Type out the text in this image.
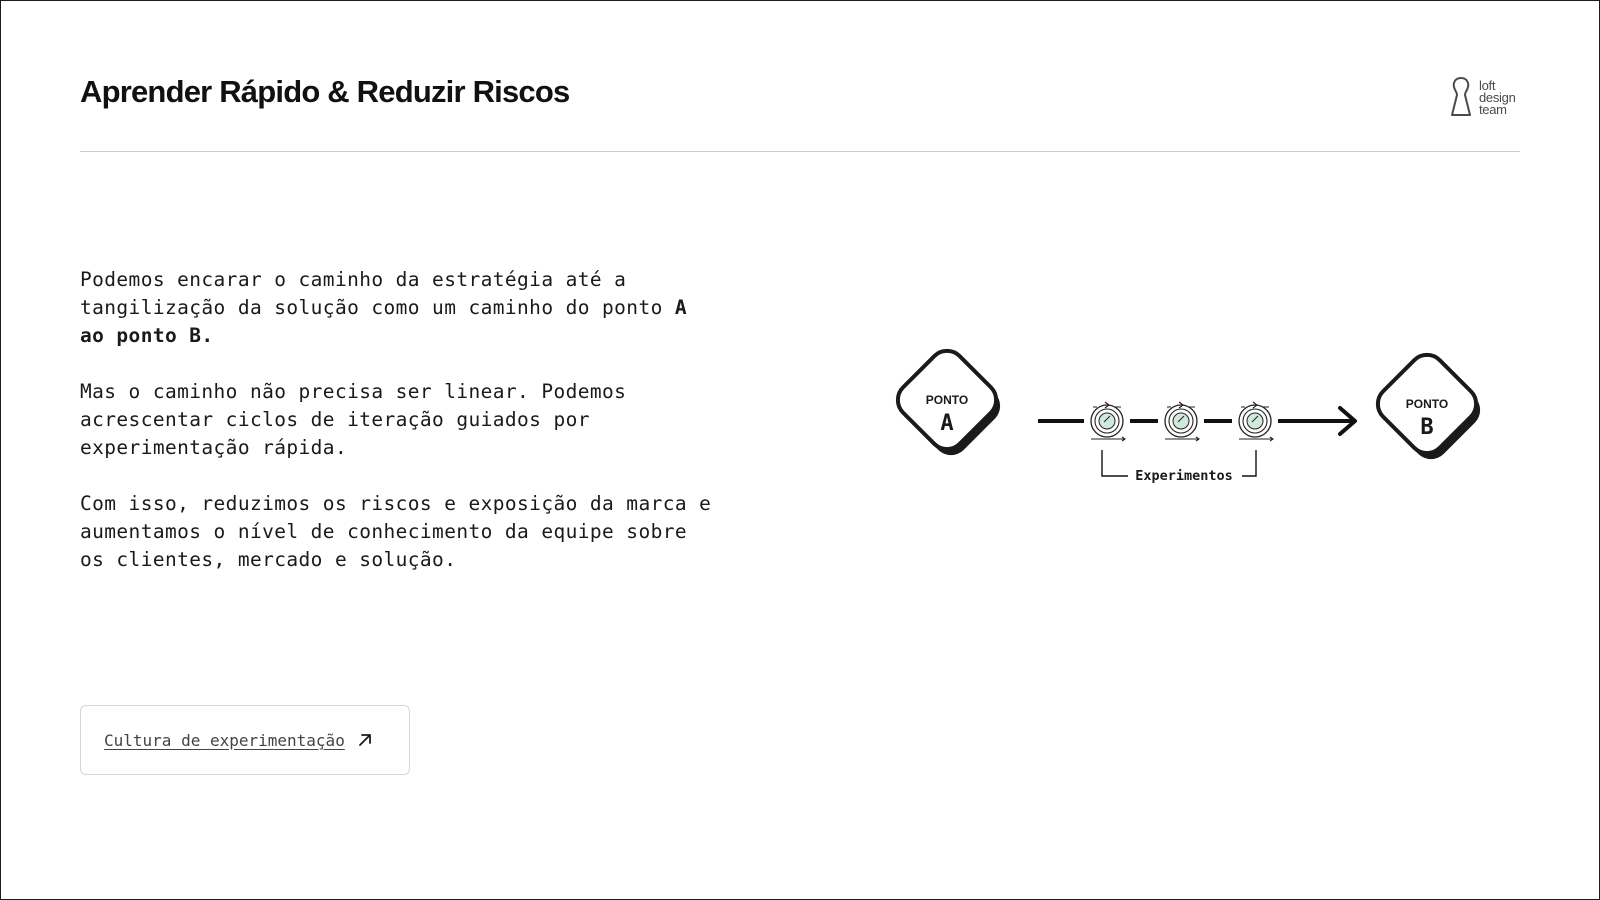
Aprender Rápido & Reduzir Riscos	loft
design
team

Podemos encarar o caminho da estratégia até a tangilização da solução como um caminho do ponto A ao ponto B.

Mas o caminho não precisa ser linear. Podemos acrescentar ciclos de iteração guiados por experimentação rápida.

Com isso, reduzimos os riscos e exposição da marca e aumentamos o nível de conhecimento da equipe sobre os clientes, mercado e solução.

Cultura de experimentação
PONTO
A
Experimentos
PONTO
B
